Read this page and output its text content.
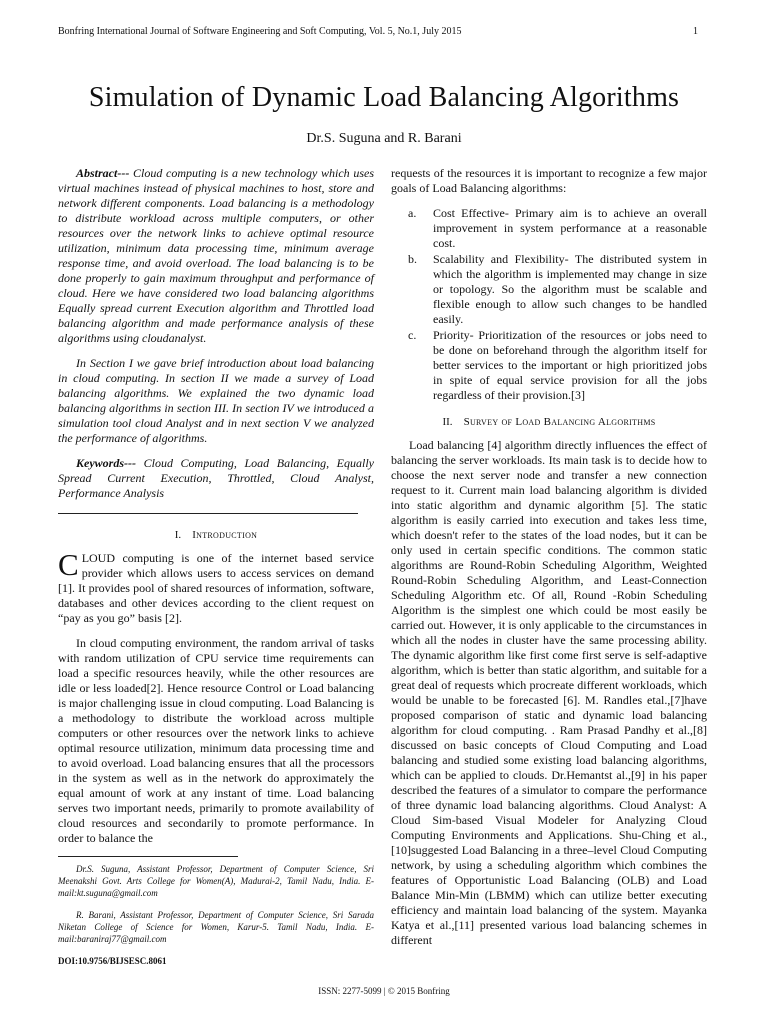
Bonfring International Journal of Software Engineering and Soft Computing, Vol. 5, No.1, July 2015	1
Simulation of Dynamic Load Balancing Algorithms
Dr.S. Suguna and R. Barani

Abstract--- Cloud computing is a new technology which uses virtual machines instead of physical machines to host, store and network different components. Load balancing is a methodology to distribute workload across multiple computers, or other resources over the network links to achieve optimal resource utilization, minimum data processing time, minimum average response time, and avoid overload. The load balancing is to be done properly to gain maximum throughput and performance of cloud. Here we have considered two load balancing algorithms Equally spread current Execution algorithm and Throttled load balancing algorithm and made performance analysis of these algorithms using cloudanalyst.

In Section I we gave brief introduction about load balancing in cloud computing. In section II we made a survey of Load balancing algorithms. We explained the two dynamic load balancing algorithms in section III. In section IV we introduced a simulation tool cloud Analyst and in next section V we analyzed the performance of algorithms.

Keywords--- Cloud Computing, Load Balancing, Equally Spread Current Execution, Throttled, Cloud Analyst, Performance Analysis

I. Introduction

CLOUD computing is one of the internet based service provider which allows users to access services on demand [1]. It provides pool of shared resources of information, software, databases and other devices according to the client request on “pay as you go” basis [2].

In cloud computing environment, the random arrival of tasks with random utilization of CPU service time requirements can load a specific resources heavily, while the other resources are idle or less loaded[2]. Hence resource Control or Load balancing is major challenging issue in cloud computing. Load Balancing is a methodology to distribute the workload across multiple computers or other resources over the network links to achieve optimal resource utilization, minimum data processing time and to avoid overload. Load balancing ensures that all the processors in the system as well as in the network do approximately the equal amount of work at any instant of time. Load balancing serves two important needs, primarily to promote availability of cloud resources and secondarily to promote performance. In order to balance the

Dr.S. Suguna, Assistant Professor, Department of Computer Science, Sri Meenakshi Govt. Arts College for Women(A), Madurai-2, Tamil Nadu, India. E-mail:kt.suguna@gmail.com

R. Barani, Assistant Professor, Department of Computer Science, Sri Sarada Niketan College of Science for Women, Karur-5. Tamil Nadu, India. E-mail:baraniraj77@gmail.com

DOI:10.9756/BIJSESC.8061

requests of the resources it is important to recognize a few major goals of Load Balancing algorithms:

a.	Cost Effective- Primary aim is to achieve an overall improvement in system performance at a reasonable cost.
b.	Scalability and Flexibility- The distributed system in which the algorithm is implemented may change in size or topology. So the algorithm must be scalable and flexible enough to allow such changes to be handled easily.
c.	Priority- Prioritization of the resources or jobs need to be done on beforehand through the algorithm itself for better services to the important or high prioritized jobs in spite of equal service provision for all the jobs regardless of their provision.[3]
II. Survey of Load Balancing Algorithms

Load balancing [4] algorithm directly influences the effect of balancing the server workloads. Its main task is to decide how to choose the next server node and transfer a new connection request to it. Current main load balancing algorithm is divided into static algorithm and dynamic algorithm [5]. The static algorithm is easily carried into execution and takes less time, which doesn't refer to the states of the load nodes, but it can be only used in certain specific conditions. The common static algorithms are Round-Robin Scheduling Algorithm, Weighted Round-Robin Scheduling Algorithm, and Least-Connection Scheduling Algorithm etc. Of all, Round -Robin Scheduling Algorithm is the simplest one which could be most easily be carried out. However, it is only applicable to the circumstances in which all the nodes in cluster have the same processing ability. The dynamic algorithm like first come first serve is self-adaptive algorithm, which is better than static algorithm, and suitable for a great deal of requests which procreate different workloads, which would be unable to be forecasted [6]. M. Randles etal.,[7]have proposed comparison of static and dynamic load balancing algorithm for cloud computing. . Ram Prasad Pandhy et al.,[8] discussed on basic concepts of Cloud Computing and Load balancing and studied some existing load balancing algorithms, which can be applied to clouds. Dr.Hemantst al.,[9] in his paper described the features of a simulator to compare the performance of three dynamic load balancing algorithms. Cloud Analyst: A Cloud Sim-based Visual Modeler for Analyzing Cloud Computing Environments and Applications. Shu-Ching et al.,[10]suggested Load Balancing in a three–level Cloud Computing network, by using a scheduling algorithm which combines the features of Opportunistic Load Balancing (OLB) and Load Balance Min-Min (LBMM) which can utilize better executing efficiency and maintain load balancing of the system. Mayanka Katya et al.,[11] presented various load balancing schemes in different

ISSN: 2277-5099 | © 2015 Bonfring
